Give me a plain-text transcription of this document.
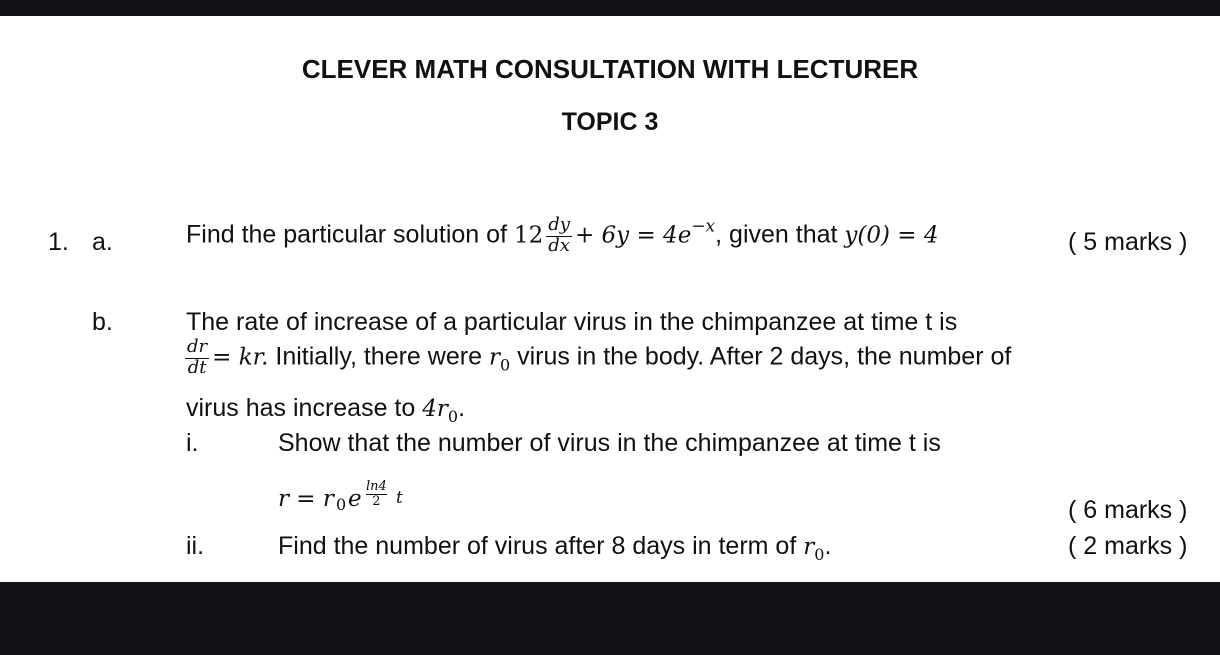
CLEVER MATH CONSULTATION WITH LECTURER
TOPIC 3
1. a.	Find the particular solution of $12 \frac{dy}{dx} + 6y = 4e^{-x}$, given that y(0) = 4	( 5 marks )
b.	The rate of increase of a particular virus in the chimpanzee at time t is
$\frac{dr}{dt}$ = kr. Initially, there were $r_0$ virus in the body. After 2 days, the number of
virus has increase to $4r_0$.
i.	Show that the number of virus in the chimpanzee at time t is
r = r 0 e $\frac{\ln 4}{2}$ t	( 6 marks )
ii.	Find the number of virus after 8 days in term of $r_0$.	( 2 marks )
